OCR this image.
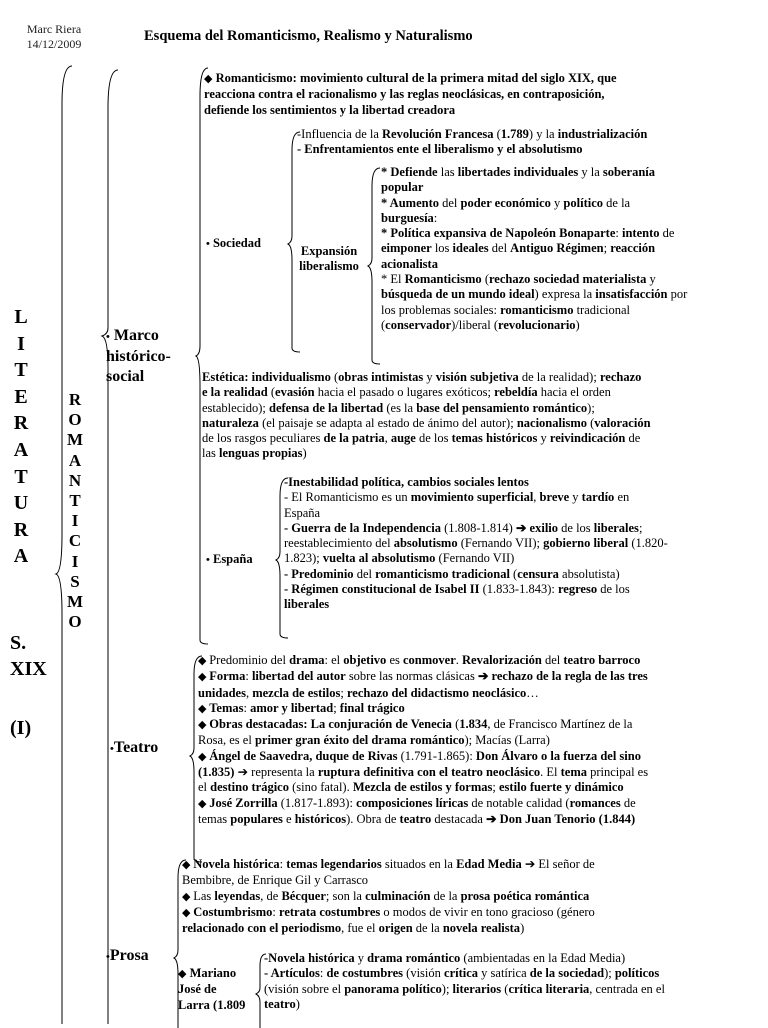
Marc Riera
14/12/2009	Esquema del Romanticismo, Realismo y Naturalismo
L
I
T
E
R
A
T
U
R
A
S.
XIX
(I)
R
O
M
A
N
T
I
C
I
S
M
O
• Marco
histórico-
social
◆ Romanticismo: movimiento cultural de la primera mitad del siglo XIX, que
reacciona contra el racionalismo y las reglas neoclásicas, en contraposición,
defiende los sentimientos y la libertad creadora
• Sociedad
-Influencia de la Revolución Francesa (1.789) y la industrialización
- Enfrentamientos ente el liberalismo y el absolutismo
Expansión
liberalismo
* Defiende las libertades individuales y la soberanía
popular
* Aumento del poder económico y político de la
burguesía:
* Política expansiva de Napoleón Bonaparte: intento de
eimponer los ideales del Antiguo Régimen; reacción
acionalista
* El Romanticismo (rechazo sociedad materialista y
búsqueda de un mundo ideal) expresa la insatisfacción por
los problemas sociales: romanticismo tradicional
(conservador)/liberal (revolucionario)
Estética: individualismo (obras intimistas y visión subjetiva de la realidad); rechazo
e la realidad (evasión hacia el pasado o lugares exóticos; rebeldía hacia el orden
establecido); defensa de la libertad (es la base del pensamiento romántico);
naturaleza (el paisaje se adapta al estado de ánimo del autor); nacionalismo (valoración
de los rasgos peculiares de la patria, auge de los temas históricos y reivindicación de
las lenguas propias)
• España
-Inestabilidad política, cambios sociales lentos
- El Romanticismo es un movimiento superficial, breve y tardío en
España
- Guerra de la Independencia (1.808-1.814) ➔ exilio de los liberales;
reestablecimiento del absolutismo (Fernando VII); gobierno liberal (1.820-
1.823); vuelta al absolutismo (Fernando VII)
- Predominio del romanticismo tradicional (censura absolutista)
- Régimen constitucional de Isabel II (1.833-1.843): regreso de los
liberales
•Teatro
◆ Predominio del drama: el objetivo es conmover. Revalorización del teatro barroco
◆ Forma: libertad del autor sobre las normas clásicas ➔ rechazo de la regla de las tres
unidades, mezcla de estilos; rechazo del didactismo neoclásico…
◆ Temas: amor y libertad; final trágico
◆ Obras destacadas: La conjuración de Venecia (1.834, de Francisco Martínez de la
Rosa, es el primer gran éxito del drama romántico); Macías (Larra)
◆ Ángel de Saavedra, duque de Rivas (1.791-1.865): Don Álvaro o la fuerza del sino
(1.835) ➔ representa la ruptura definitiva con el teatro neoclásico. El tema principal es
el destino trágico (sino fatal). Mezcla de estilos y formas; estilo fuerte y dinámico
◆ José Zorrilla (1.817-1.893): composiciones líricas de notable calidad (romances de
temas populares e históricos). Obra de teatro destacada ➔ Don Juan Tenorio (1.844)
•Prosa
◆ Novela histórica: temas legendarios situados en la Edad Media ➔ El señor de
Bembibre, de Enrique Gil y Carrasco
◆ Las leyendas, de Bécquer; son la culminación de la prosa poética romántica
◆ Costumbrismo: retrata costumbres o modos de vivir en tono gracioso (género
relacionado con el periodismo, fue el origen de la novela realista)
◆ Mariano
José de
Larra (1.809
-Novela histórica y drama romántico (ambientadas en la Edad Media)
- Artículos: de costumbres (visión crítica y satírica de la sociedad); políticos
(visión sobre el panorama político); literarios (crítica literaria, centrada en el
teatro)
